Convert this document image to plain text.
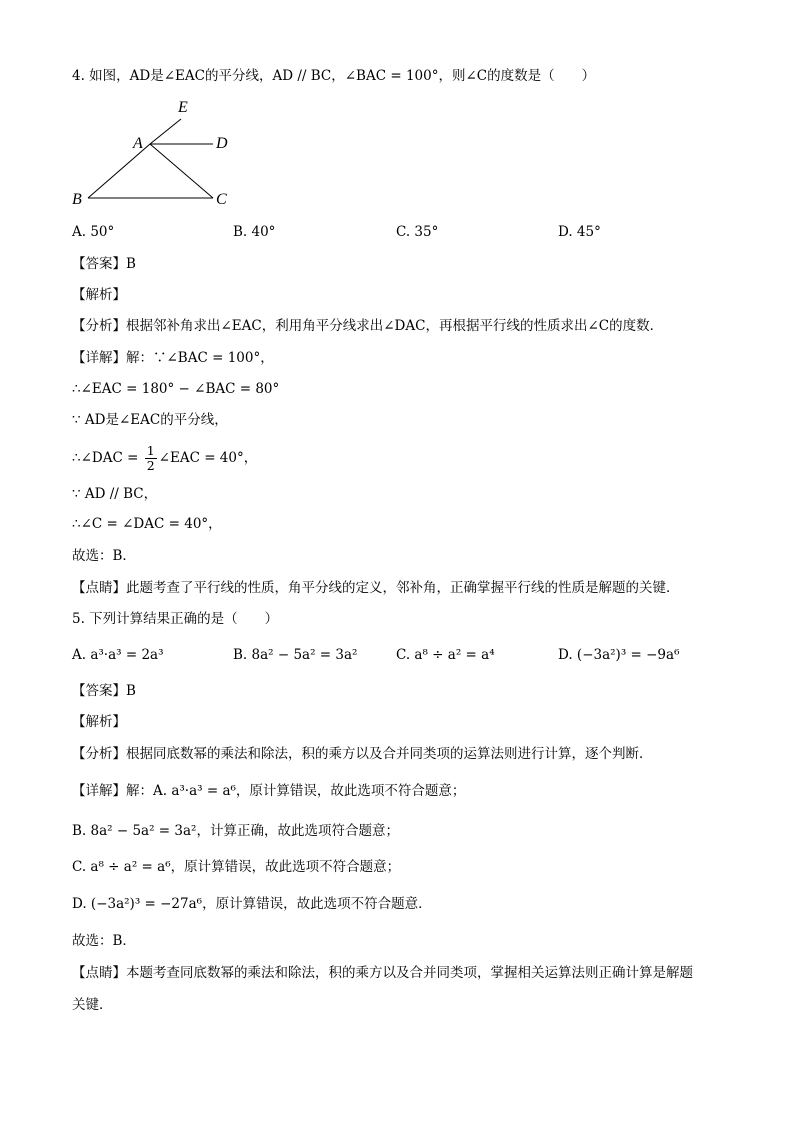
4. 如图，AD是∠EAC的平分线，AD // BC，∠BAC = 100°，则∠C的度数是（　　）
E
A	D
B	C
A. 50°	B. 40°	C. 35°	D. 45°
【答案】B
【解析】
【分析】根据邻补角求出∠EAC，利用角平分线求出∠DAC，再根据平行线的性质求出∠C的度数．
【详解】解：∵∠BAC = 100°，
∴∠EAC = 180° − ∠BAC = 80°
∵ AD是∠EAC的平分线，
∴∠DAC = $\frac{1}{2}$ ∠EAC = 40°，
∵ AD // BC，
∴∠C = ∠DAC = 40°，
故选：B．
【点睛】此题考查了平行线的性质，角平分线的定义，邻补角，正确掌握平行线的性质是解题的关键．
5. 下列计算结果正确的是（　　）
A. a³·a³ = 2a³	B. 8a² − 5a² = 3a²	C. a⁸ ÷ a² = a⁴	D. (−3a²)³ = −9a⁶
【答案】B
【解析】
【分析】根据同底数幂的乘法和除法，积的乘方以及合并同类项的运算法则进行计算，逐个判断．
【详解】解：A. a³·a³ = a⁶，原计算错误，故此选项不符合题意；
B. 8a² − 5a² = 3a²，计算正确，故此选项符合题意；
C. a⁸ ÷ a² = a⁶，原计算错误，故此选项不符合题意；
D. (−3a²)³ = −27a⁶，原计算错误，故此选项不符合题意．
故选：B．
【点睛】本题考查同底数幂的乘法和除法，积的乘方以及合并同类项，掌握相关运算法则正确计算是解题
关键．
